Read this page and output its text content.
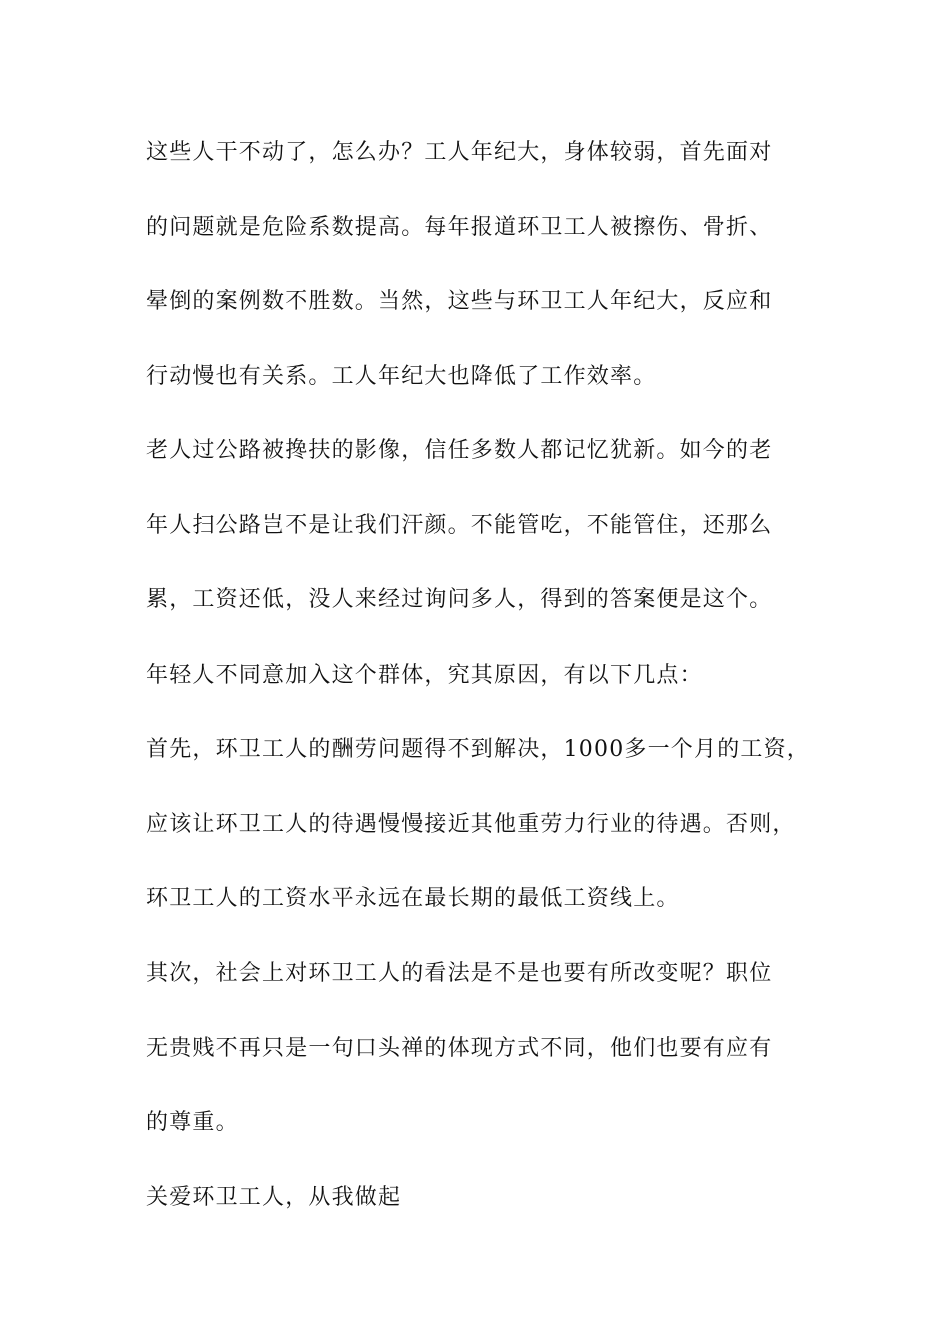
这些人干不动了，怎么办？工人年纪大，身体较弱，首先面对

的问题就是危险系数提高。每年报道环卫工人被擦伤、骨折、

晕倒的案例数不胜数。当然，这些与环卫工人年纪大，反应和

行动慢也有关系。工人年纪大也降低了工作效率。

老人过公路被搀扶的影像，信任多数人都记忆犹新。如今的老

年人扫公路岂不是让我们汗颜。不能管吃，不能管住，还那么

累，工资还低，没人来经过询问多人，得到的答案便是这个。

年轻人不同意加入这个群体，究其原因，有以下几点：

首先，环卫工人的酬劳问题得不到解决，1000多一个月的工资，

应该让环卫工人的待遇慢慢接近其他重劳力行业的待遇。否则，

环卫工人的工资水平永远在最长期的最低工资线上。

其次，社会上对环卫工人的看法是不是也要有所改变呢？职位

无贵贱不再只是一句口头禅的体现方式不同，他们也要有应有

的尊重。

关爱环卫工人，从我做起
